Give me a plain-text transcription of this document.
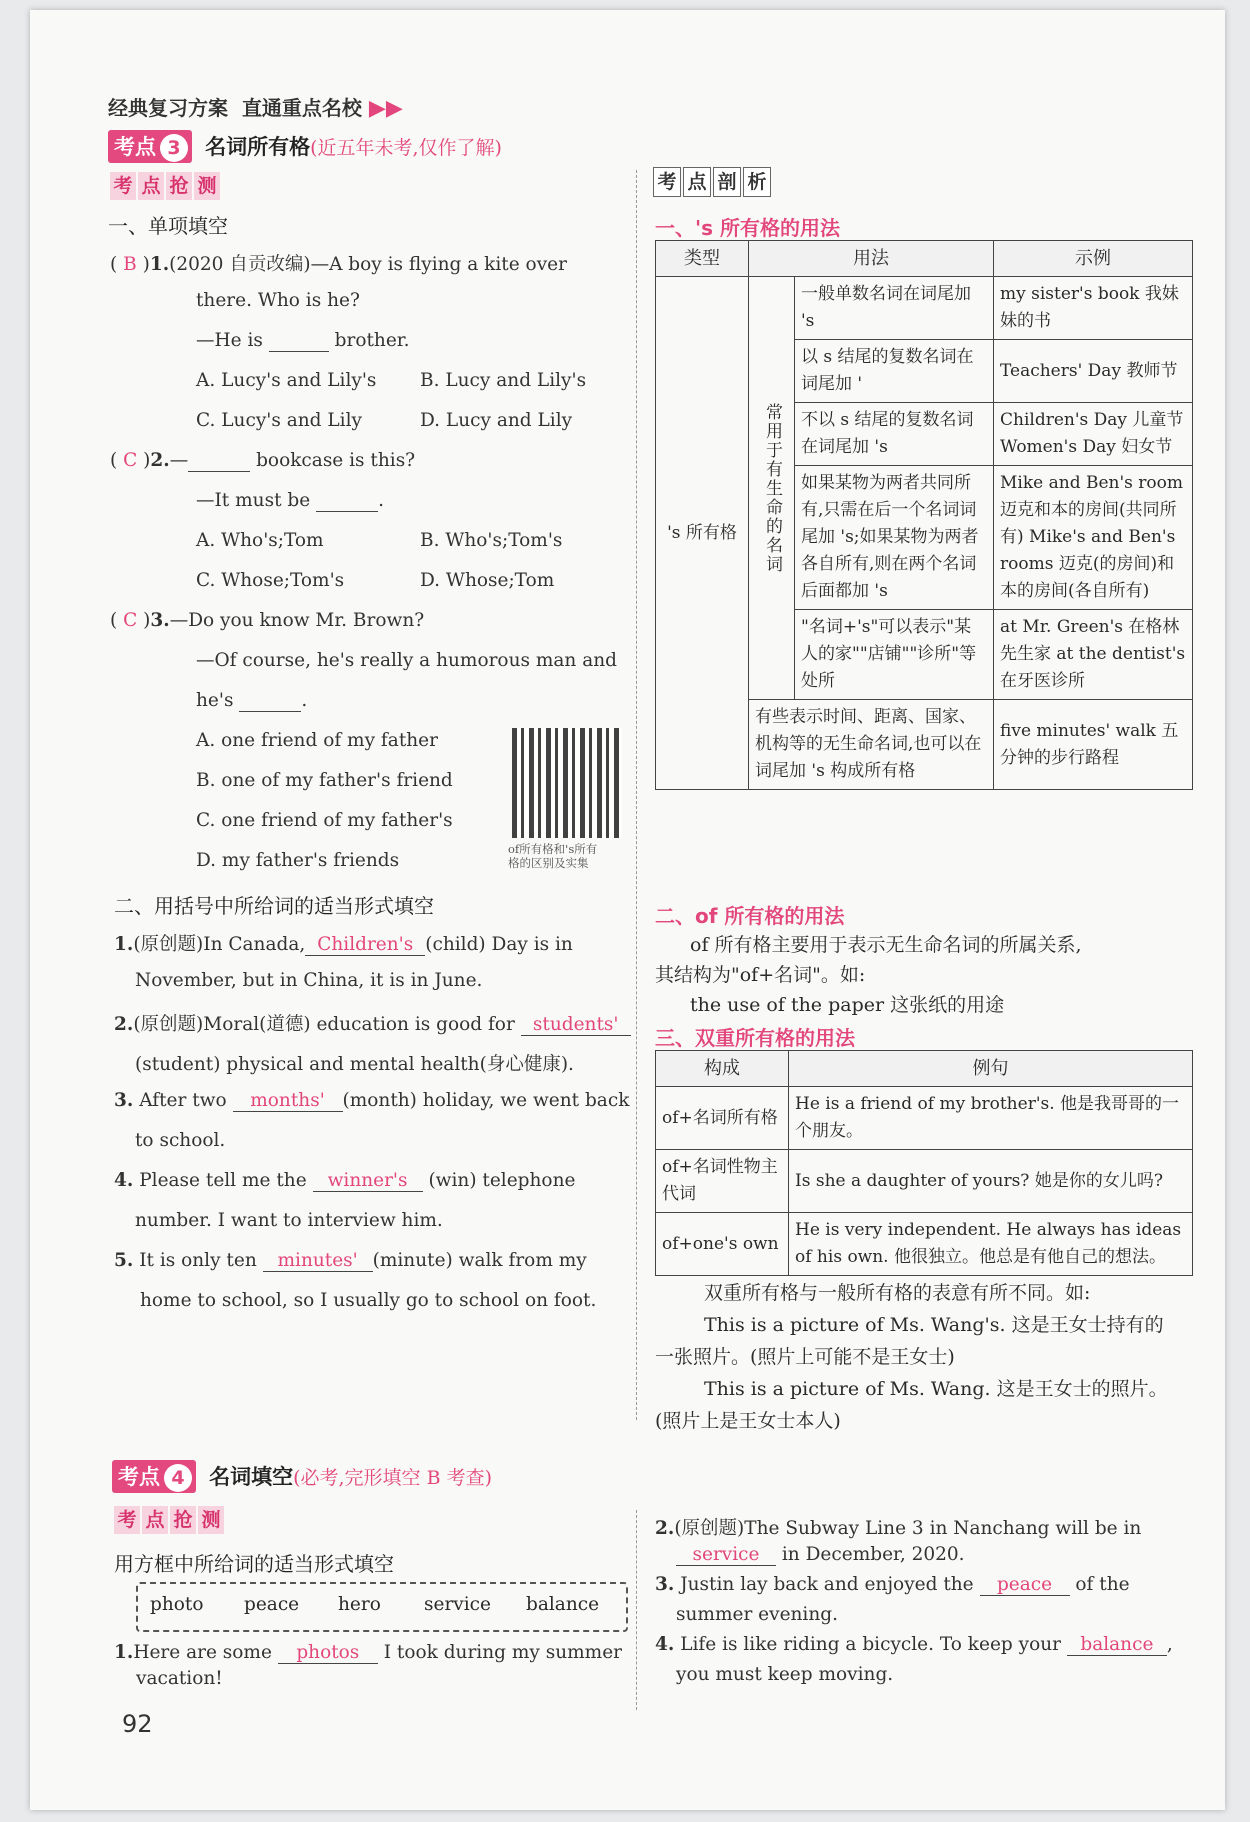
经典复习方案 直通重点名校 ▶▶
考点 3 名词所有格(近五年未考,仅作了解)
考 点 抢 测
一、单项填空
( B )1.(2020 自贡改编)—A boy is flying a kite over
there. Who is he?
—He is	brother.
A. Lucy's and Lily's B. Lucy and Lily's
C. Lucy's and Lily	D. Lucy and Lily
( C )2.—	bookcase is this?
—It must be	.
A. Who's;Tom	B. Who's;Tom's
C. Whose;Tom's	D. Whose;Tom
( C )3.—Do you know Mr. Brown?
—Of course, he's really a humorous man and
he's	.
A. one friend of my father
B. one of my father's friend
C. one friend of my father's
D. my father's friends
of所有格和's所有
格的区别及实集
二、用括号中所给词的适当形式填空
1.(原创题)In Canada, Children's (child) Day is in
November, but in China, it is in June.
2.(原创题)Moral(道德) education is good for students'
(student) physical and mental health(身心健康).
3. After two months' (month) holiday, we went back
to school.
4. Please tell me the winner's (win) telephone
number. I want to interview him.
5. It is only ten minutes' (minute) walk from my
home to school, so I usually go to school on foot.
考 点 剖 析
一、's 所有格的用法
类型	用法		示例
's 所有格	常用于有生命的名词	一般单数名词在词尾加 's	my sister's book 我妹妹的书
		以 s 结尾的复数名词在词尾加 '	Teachers' Day 教师节
		不以 s 结尾的复数名词在词尾加 's	Children's Day 儿童节 Women's Day 妇女节
		如果某物为两者共同所有,只需在后一个名词词尾加 's;如果某物为两者各自所有,则在两个名词后面都加 's	Mike and Ben's room 迈克和本的房间(共同所有) Mike's and Ben's rooms 迈克(的房间)和本的房间(各自所有)
		"名词+'s"可以表示"某人的家""店铺""诊所"等处所	at Mr. Green's 在格林先生家 at the dentist's 在牙医诊所
	有些表示时间、距离、国家、机构等的无生命名词,也可以在词尾加 's 构成所有格		five minutes' walk 五分钟的步行路程
二、of 所有格的用法
of 所有格主要用于表示无生命名词的所属关系,
其结构为"of+名词"。如:
the use of the paper 这张纸的用途
三、双重所有格的用法
构成	例句
of+名词所有格	He is a friend of my brother's. 他是我哥哥的一个朋友。
of+名词性物主代词	Is she a daughter of yours? 她是你的女儿吗?
of+one's own	He is very independent. He always has ideas of his own. 他很独立。他总是有他自己的想法。
双重所有格与一般所有格的表意有所不同。如:
This is a picture of Ms. Wang's. 这是王女士持有的
一张照片。(照片上可能不是王女士)
This is a picture of Ms. Wang. 这是王女士的照片。
(照片上是王女士本人)
考点 4 名词填空(必考,完形填空 B 考查)
考 点 抢 测
用方框中所给词的适当形式填空
photo peace hero service balance
1.Here are some photos I took during my summer
vacation!
2.(原创题)The Subway Line 3 in Nanchang will be in
service in December, 2020.
3. Justin lay back and enjoyed the peace of the
summer evening.
4. Life is like riding a bicycle. To keep your balance ,
you must keep moving.
92
